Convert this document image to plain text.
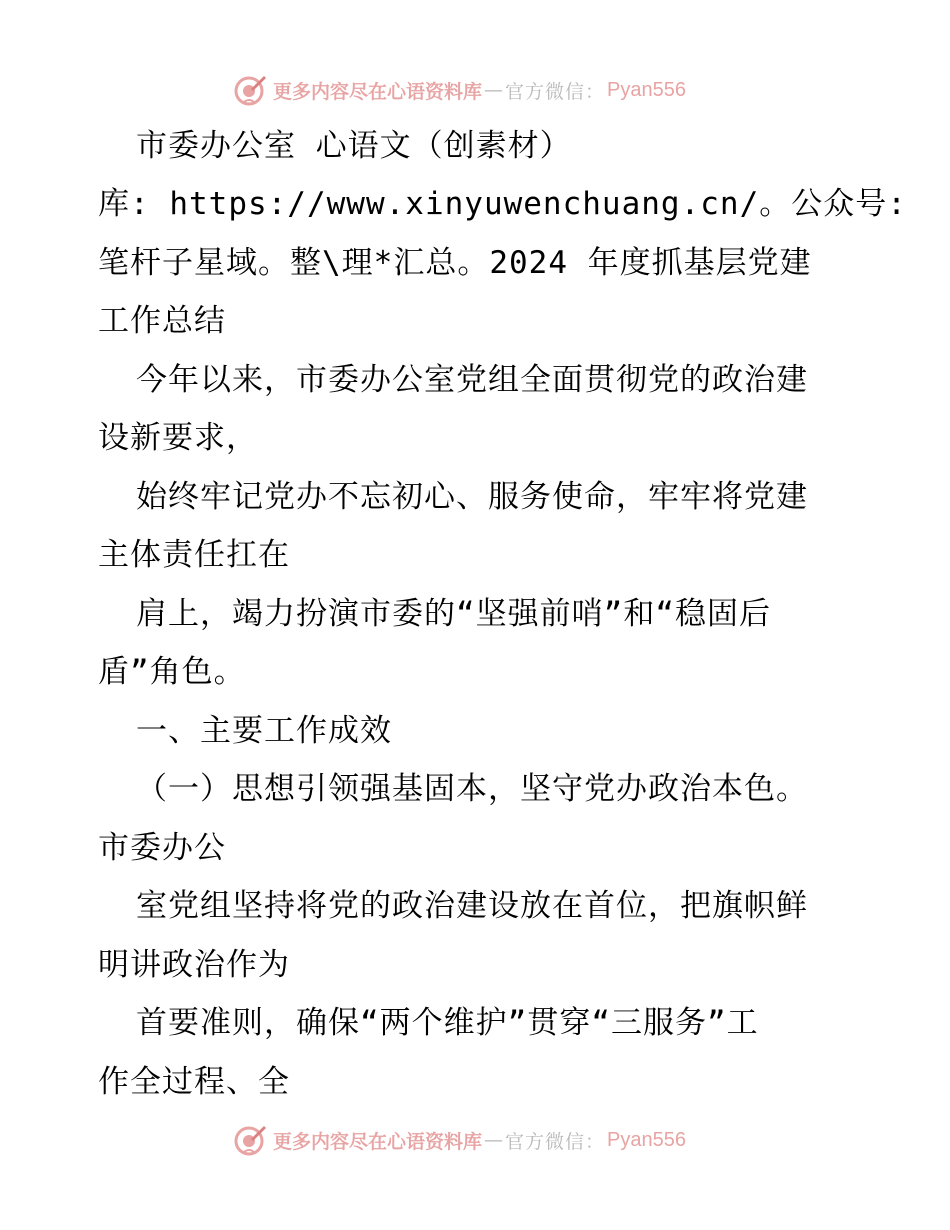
更多内容尽在心语资料库 — 官方微信： Pyan556
市委办公室 心语文（创素材）
库: https://www.xinyuwenchuang.cn/。公众号:
笔杆子星域。整\理*汇总。2024 年度抓基层党建
工作总结
今年以来，市委办公室党组全面贯彻党的政治建
设新要求，
始终牢记党办不忘初心、服务使命，牢牢将党建
主体责任扛在
肩上，竭力扮演市委的“坚强前哨”和“稳固后
盾”角色。
一、主要工作成效
（一）思想引领强基固本，坚守党办政治本色。
市委办公
室党组坚持将党的政治建设放在首位，把旗帜鲜
明讲政治作为
首要准则，确保“两个维护”贯穿“三服务”工
作全过程、全
更多内容尽在心语资料库 — 官方微信： Pyan556
